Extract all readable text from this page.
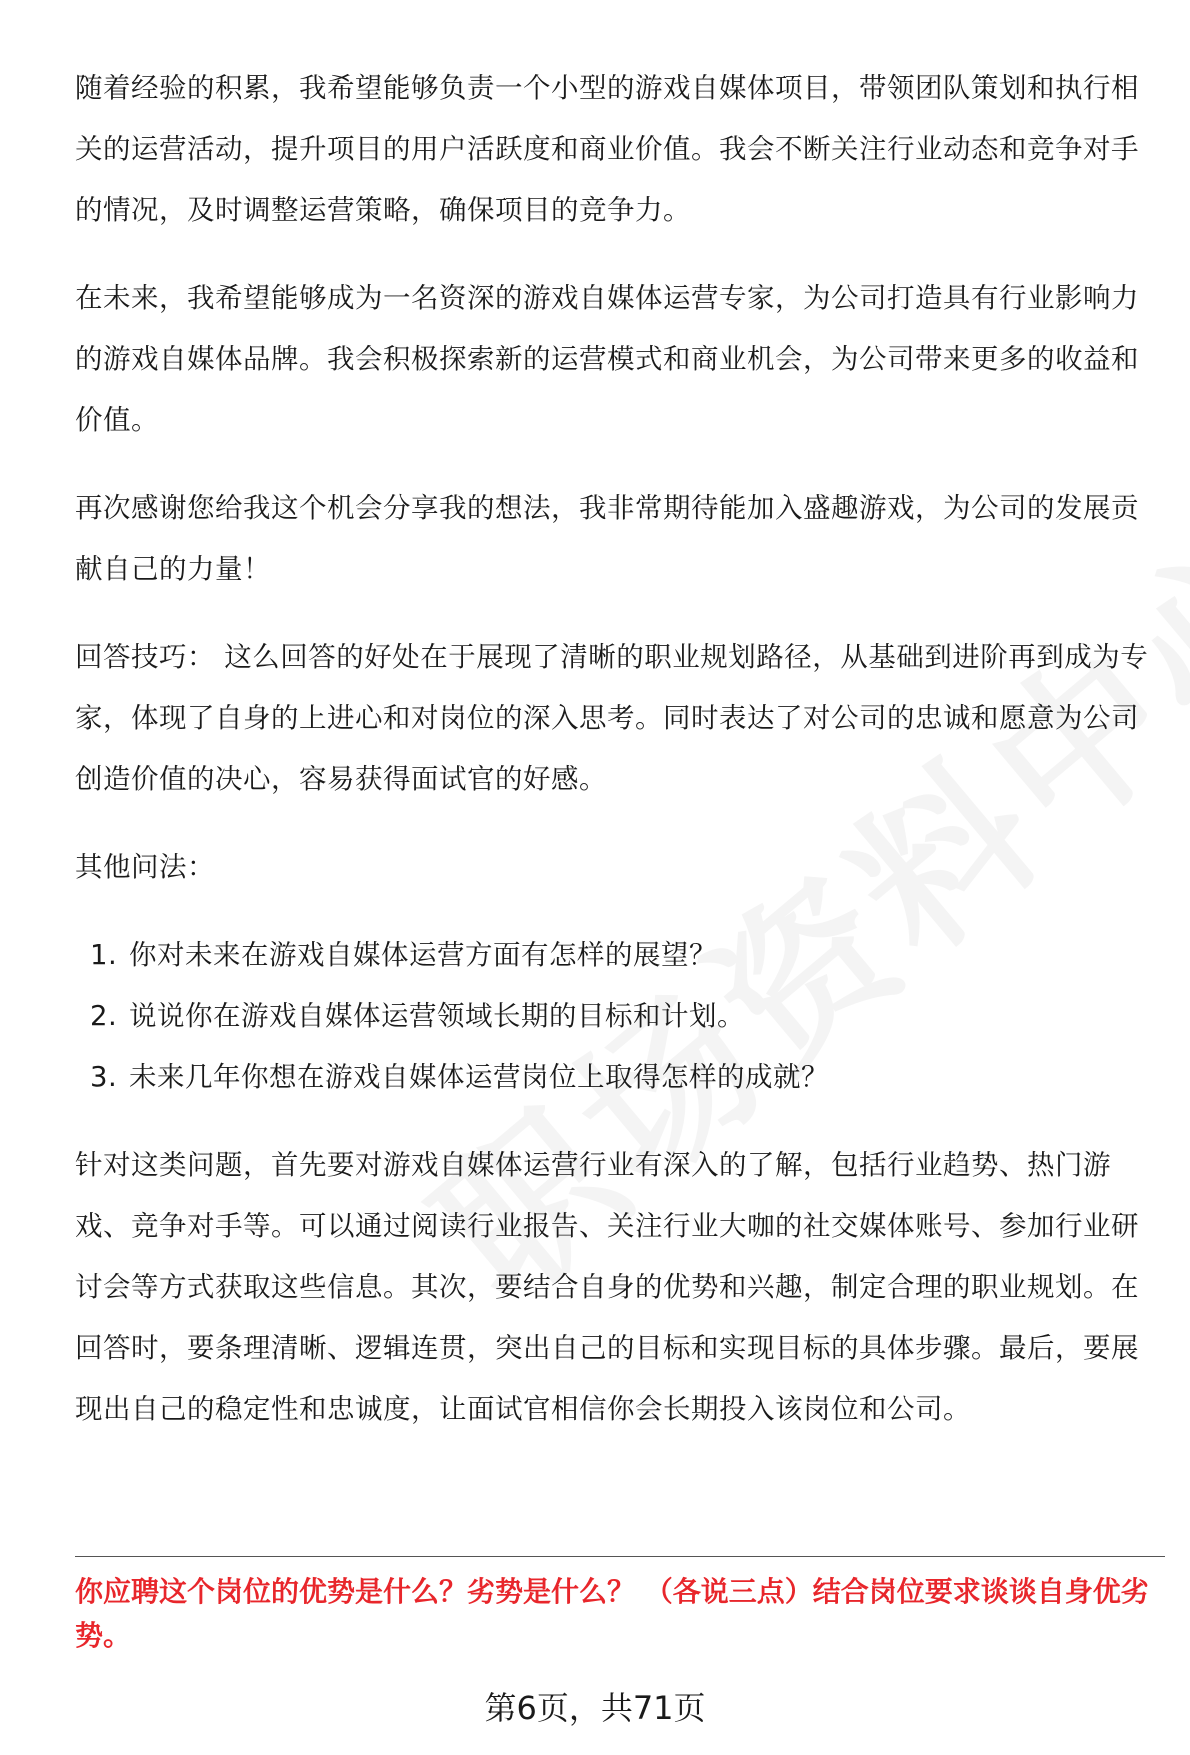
随着经验的积累，我希望能够负责一个小型的游戏自媒体项目，带领团队策划和执行相关的运营活动，提升项目的用户活跃度和商业价值。我会不断关注行业动态和竞争对手的情况，及时调整运营策略，确保项目的竞争力。

在未来，我希望能够成为一名资深的游戏自媒体运营专家，为公司打造具有行业影响力的游戏自媒体品牌。我会积极探索新的运营模式和商业机会，为公司带来更多的收益和价值。

再次感谢您给我这个机会分享我的想法，我非常期待能加入盛趣游戏，为公司的发展贡献自己的力量！

回答技巧： 这么回答的好处在于展现了清晰的职业规划路径，从基础到进阶再到成为专家，体现了自身的上进心和对岗位的深入思考。同时表达了对公司的忠诚和愿意为公司创造价值的决心，容易获得面试官的好感。

其他问法：

1. 你对未来在游戏自媒体运营方面有怎样的展望？
2. 说说你在游戏自媒体运营领域长期的目标和计划。
3. 未来几年你想在游戏自媒体运营岗位上取得怎样的成就？

针对这类问题，首先要对游戏自媒体运营行业有深入的了解，包括行业趋势、热门游戏、竞争对手等。可以通过阅读行业报告、关注行业大咖的社交媒体账号、参加行业研讨会等方式获取这些信息。其次，要结合自身的优势和兴趣，制定合理的职业规划。在回答时，要条理清晰、逻辑连贯，突出自己的目标和实现目标的具体步骤。最后，要展现出自己的稳定性和忠诚度，让面试官相信你会长期投入该岗位和公司。

你应聘这个岗位的优势是什么？劣势是什么？ （各说三点）结合岗位要求谈谈自身优劣势。
第6页，共71页
